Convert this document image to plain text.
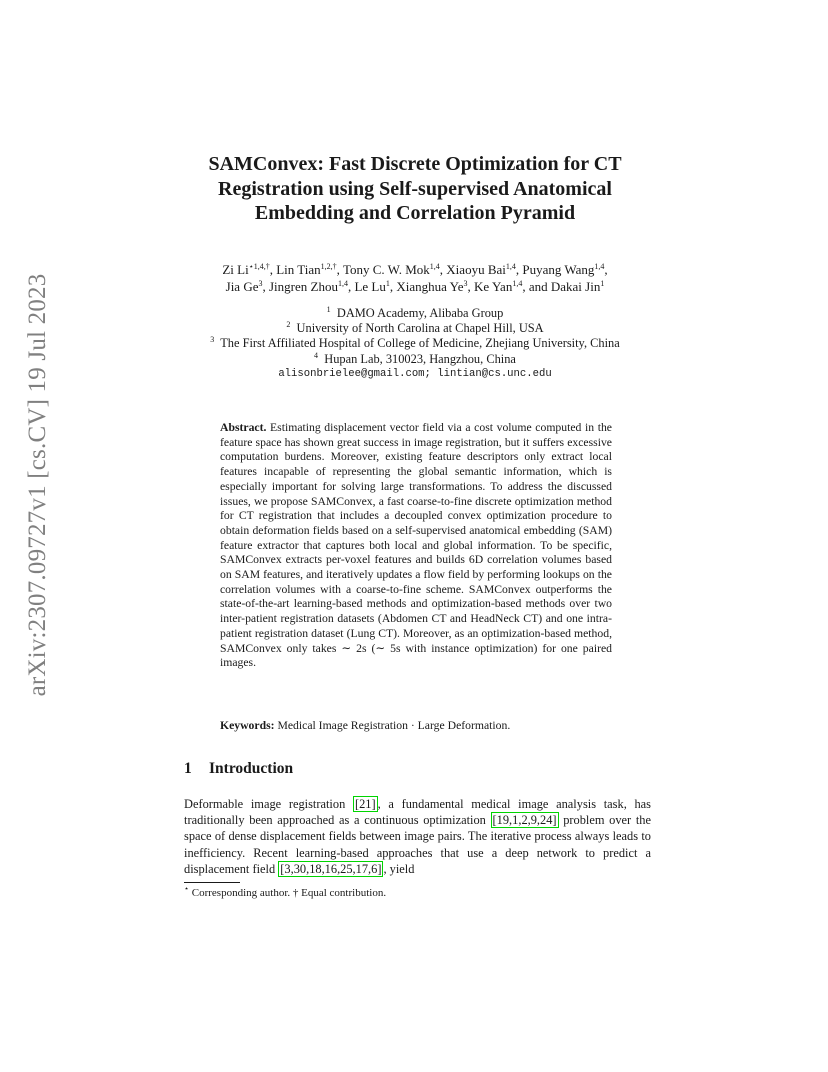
arXiv:2307.09727v1 [cs.CV] 19 Jul 2023
SAMConvex: Fast Discrete Optimization for CT
Registration using Self-supervised Anatomical
Embedding and Correlation Pyramid
Zi $Li^{⋆1,4,\dagger}$, Lin Tian$^{1,2,\dagger}$, Tony C. W. Mok$^{1,4}$, Xiaoyu Bai$^{1,4}$, Puyang Wang$^{1,4}$,
Jia Ge$^3$, Jingren Zhou$^{1,4}$, Le Lu$^1$, Xianghua Ye$^3$, Ke Yan$^{1,4}$, and Dakai Jin$^1$
$^1$ DAMO Academy, Alibaba Group
$^2$ University of North Carolina at Chapel Hill, USA
$^3$ The First Affiliated Hospital of College of Medicine, Zhejiang University, China
$^4$ Hupan Lab, 310023, Hangzhou, China
alisonbrielee@gmail.com; lintian@cs.unc.edu
Abstract. Estimating displacement vector field via a cost volume computed in the feature space has shown great success in image registration, but it suffers excessive computation burdens. Moreover, existing feature descriptors only extract local features incapable of representing the global semantic information, which is especially important for solving large transformations. To address the discussed issues, we propose SAMConvex, a fast coarse-to-fine discrete optimization method for CT registration that includes a decoupled convex optimization procedure to obtain deformation fields based on a self-supervised anatomical embedding (SAM) feature extractor that captures both local and global information. To be specific, SAMConvex extracts per-voxel features and builds 6D correlation volumes based on SAM features, and iteratively updates a flow field by performing lookups on the correlation volumes with a coarse-to-fine scheme. SAMConvex outperforms the state-of-the-art learning-based methods and optimization-based methods over two inter-patient registration datasets (Abdomen CT and HeadNeck CT) and one intra-patient registration dataset (Lung CT). Moreover, as an optimization-based method, SAMConvex only takes ∼ 2s (∼ 5s with instance optimization) for one paired images.
Keywords: Medical Image Registration · Large Deformation.
1 Introduction
Deformable image registration [21] , a fundamental medical image analysis task, has traditionally been approached as a continuous optimization [19,1,2,9,24] problem over the space of dense displacement fields between image pairs. The iterative process always leads to inefficiency. Recent learning-based approaches that use a deep network to predict a displacement field [3,30,18,16,25,17,6] , yield
⋆ Corresponding author. † Equal contribution.
